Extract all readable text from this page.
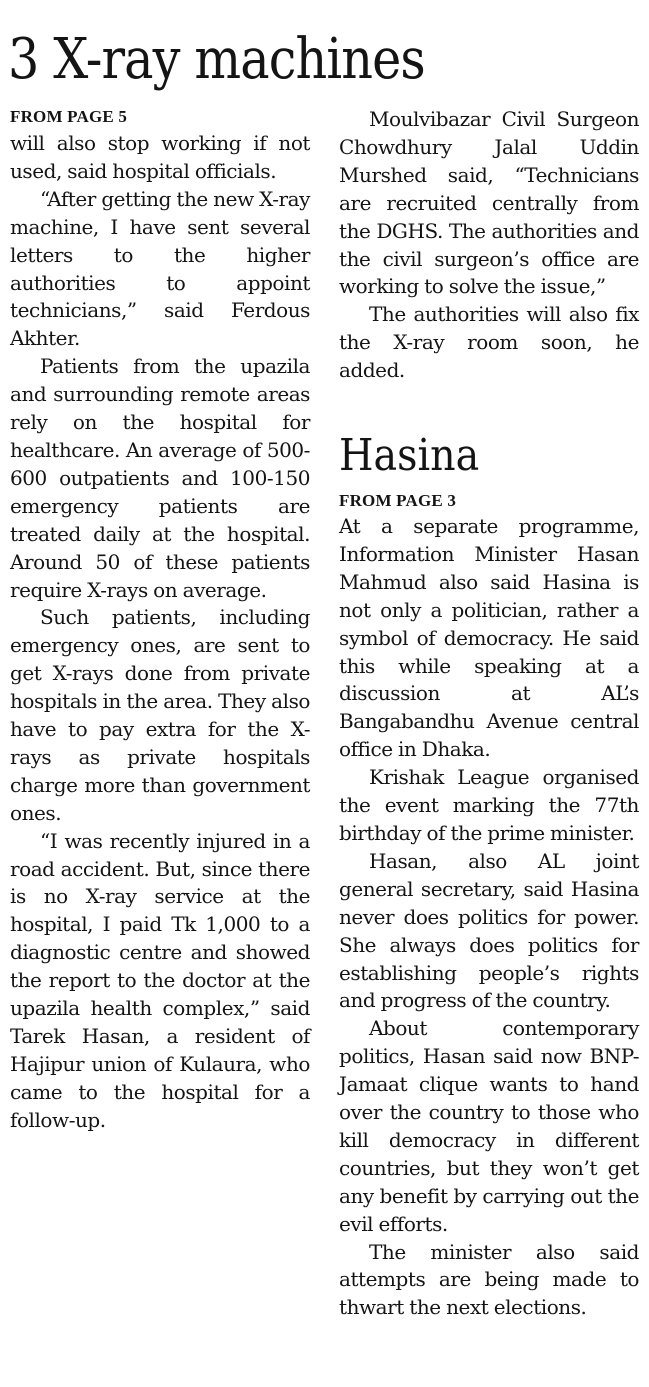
3 X-ray machines
FROM PAGE 5

will also stop working if not used, said hospital officials.

“After getting the new X-ray machine, I have sent several letters to the higher authorities to appoint technicians,” said Ferdous Akhter.

Patients from the upazila and surrounding remote areas rely on the hospital for healthcare. An average of 500-600 outpatients and 100-150 emergency patients are treated daily at the hospital. Around 50 of these patients require X-rays on average.

Such patients, including emergency ones, are sent to get X-rays done from private hospitals in the area. They also have to pay extra for the X-rays as private hospitals charge more than government ones.

“I was recently injured in a road accident. But, since there is no X-ray service at the hospital, I paid Tk 1,000 to a diagnostic centre and showed the report to the doctor at the upazila health complex,” said Tarek Hasan, a resident of Hajipur union of Kulaura, who came to the hospital for a follow-up.

Moulvibazar Civil Surgeon Chowdhury Jalal Uddin Murshed said, “Technicians are recruited centrally from the DGHS. The authorities and the civil surgeon’s office are working to solve the issue,”

The authorities will also fix the X-ray room soon, he added.

Hasina
FROM PAGE 3

At a separate programme, Information Minister Hasan Mahmud also said Hasina is not only a politician, rather a symbol of democracy. He said this while speaking at a discussion at AL’s Bangabandhu Avenue central office in Dhaka.

Krishak League organised the event marking the 77th birthday of the prime minister.

Hasan, also AL joint general secretary, said Hasina never does politics for power. She always does politics for establishing people’s rights and progress of the country.

About contemporary politics, Hasan said now BNP-Jamaat clique wants to hand over the country to those who kill democracy in different countries, but they won’t get any benefit by carrying out the evil efforts.

The minister also said attempts are being made to thwart the next elections.
